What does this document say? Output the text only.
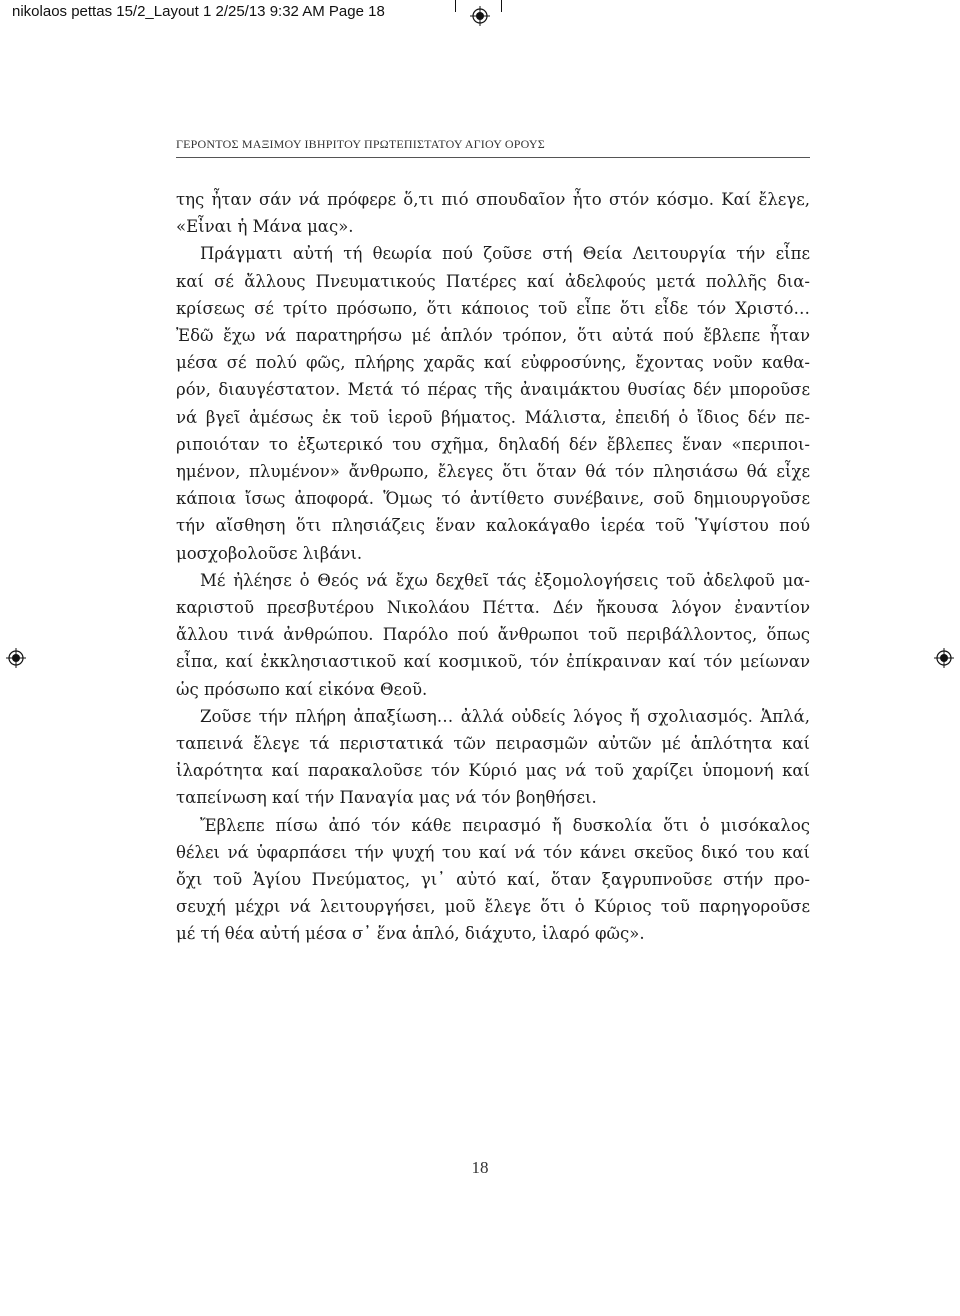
nikolaos pettas 15/2_Layout 1 2/25/13 9:32 AM Page 18
ΓΕΡΟΝΤΟΣ ΜΑΞΙΜΟΥ ΙΒΗΡΙΤΟΥ ΠΡΩΤΕΠΙΣΤΑΤΟΥ ΑΓΙΟΥ ΟΡΟΥΣ
της ἦταν σάν νά πρόφερε ὅ,τι πιό σπουδαῖον ἦτο στόν κόσμο. Καί ἔλεγε,
«Εἶναι ἡ Μάνα μας».
Πράγματι αὐτή τή θεωρία πού ζοῦσε στή Θεία Λειτουργία τήν εἶπε
καί σέ ἄλλους Πνευματικούς Πατέρες καί ἀδελφούς μετά πολλῆς δια-
κρίσεως σέ τρίτο πρόσωπο, ὅτι κάποιος τοῦ εἶπε ὅτι εἶδε τόν Χριστό…
Ἐδῶ ἔχω νά παρατηρήσω μέ ἁπλόν τρόπον, ὅτι αὐτά πού ἔβλεπε ἦταν
μέσα σέ πολύ φῶς, πλήρης χαρᾶς καί εὐφροσύνης, ἔχοντας νοῦν καθα-
ρόν, διαυγέστατον. Μετά τό πέρας τῆς ἀναιμάκτου θυσίας δέν μποροῦσε
νά βγεῖ ἀμέσως ἐκ τοῦ ἱεροῦ βήματος. Μάλιστα, ἐπειδή ὁ ἴδιος δέν πε-
ριποιόταν το ἐξωτερικό του σχῆμα, δηλαδή δέν ἔβλεπες ἕναν «περιποι-
ημένον, πλυμένον» ἄνθρωπο, ἔλεγες ὅτι ὅταν θά τόν πλησιάσω θά εἶχε
κάποια ἴσως ἀποφορά. Ὅμως τό ἀντίθετο συνέβαινε, σοῦ δημιουργοῦσε
τήν αἴσθηση ὅτι πλησιάζεις ἕναν καλοκάγαθο ἱερέα τοῦ Ὑψίστου πού
μοσχοβολοῦσε λιβάνι.
Μέ ἠλέησε ὁ Θεός νά ἔχω δεχθεῖ τάς ἐξομολογήσεις τοῦ ἀδελφοῦ μα-
καριστοῦ πρεσβυτέρου Νικολάου Πέττα. Δέν ἤκουσα λόγον ἐναντίον
ἄλλου τινά ἀνθρώπου. Παρόλο πού ἄνθρωποι τοῦ περιβάλλοντος, ὅπως
εἶπα, καί ἐκκλησιαστικοῦ καί κοσμικοῦ, τόν ἐπίκραιναν καί τόν μείωναν
ὡς πρόσωπο καί εἰκόνα Θεοῦ.
Ζοῦσε τήν πλήρη ἀπαξίωση… ἀλλά οὐδείς λόγος ἤ σχολιασμός. Ἁπλά,
ταπεινά ἔλεγε τά περιστατικά τῶν πειρασμῶν αὐτῶν μέ ἁπλότητα καί
ἱλαρότητα καί παρακαλοῦσε τόν Κύριό μας νά τοῦ χαρίζει ὑπομονή καί
ταπείνωση καί τήν Παναγία μας νά τόν βοηθήσει.
Ἔβλεπε πίσω ἀπό τόν κάθε πειρασμό ἤ δυσκολία ὅτι ὁ μισόκαλος
θέλει νά ὑφαρπάσει τήν ψυχή του καί νά τόν κάνει σκεῦος δικό του καί
ὄχι τοῦ Ἁγίου Πνεύματος, γι᾽ αὐτό καί, ὅταν ξαγρυπνοῦσε στήν προ-
σευχή μέχρι νά λειτουργήσει, μοῦ ἔλεγε ὅτι ὁ Κύριος τοῦ παρηγοροῦσε
μέ τή θέα αὐτή μέσα σ᾽ ἕνα ἁπλό, διάχυτο, ἱλαρό φῶς».
18
